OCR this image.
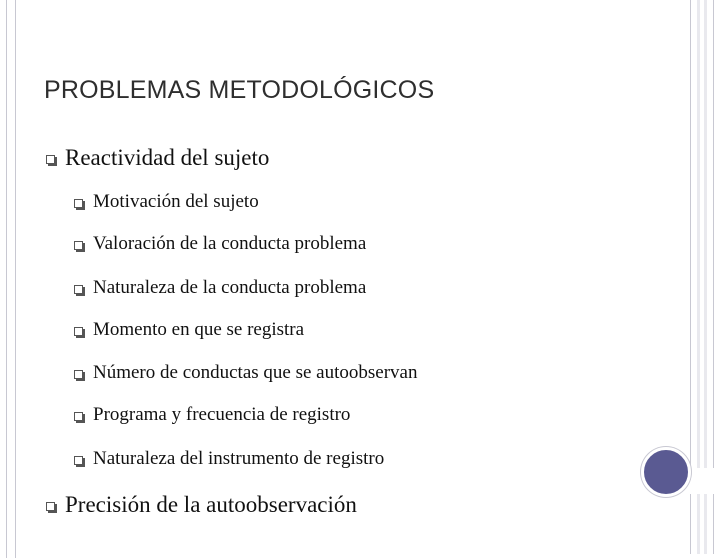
PROBLEMAS METODOLÓGICOS
Reactividad del sujeto
Motivación del sujeto
Valoración de la conducta problema
Naturaleza de la conducta problema
Momento en que se registra
Número de conductas que se autoobservan
Programa y frecuencia de registro
Naturaleza del instrumento de registro
Precisión de la autoobservación
